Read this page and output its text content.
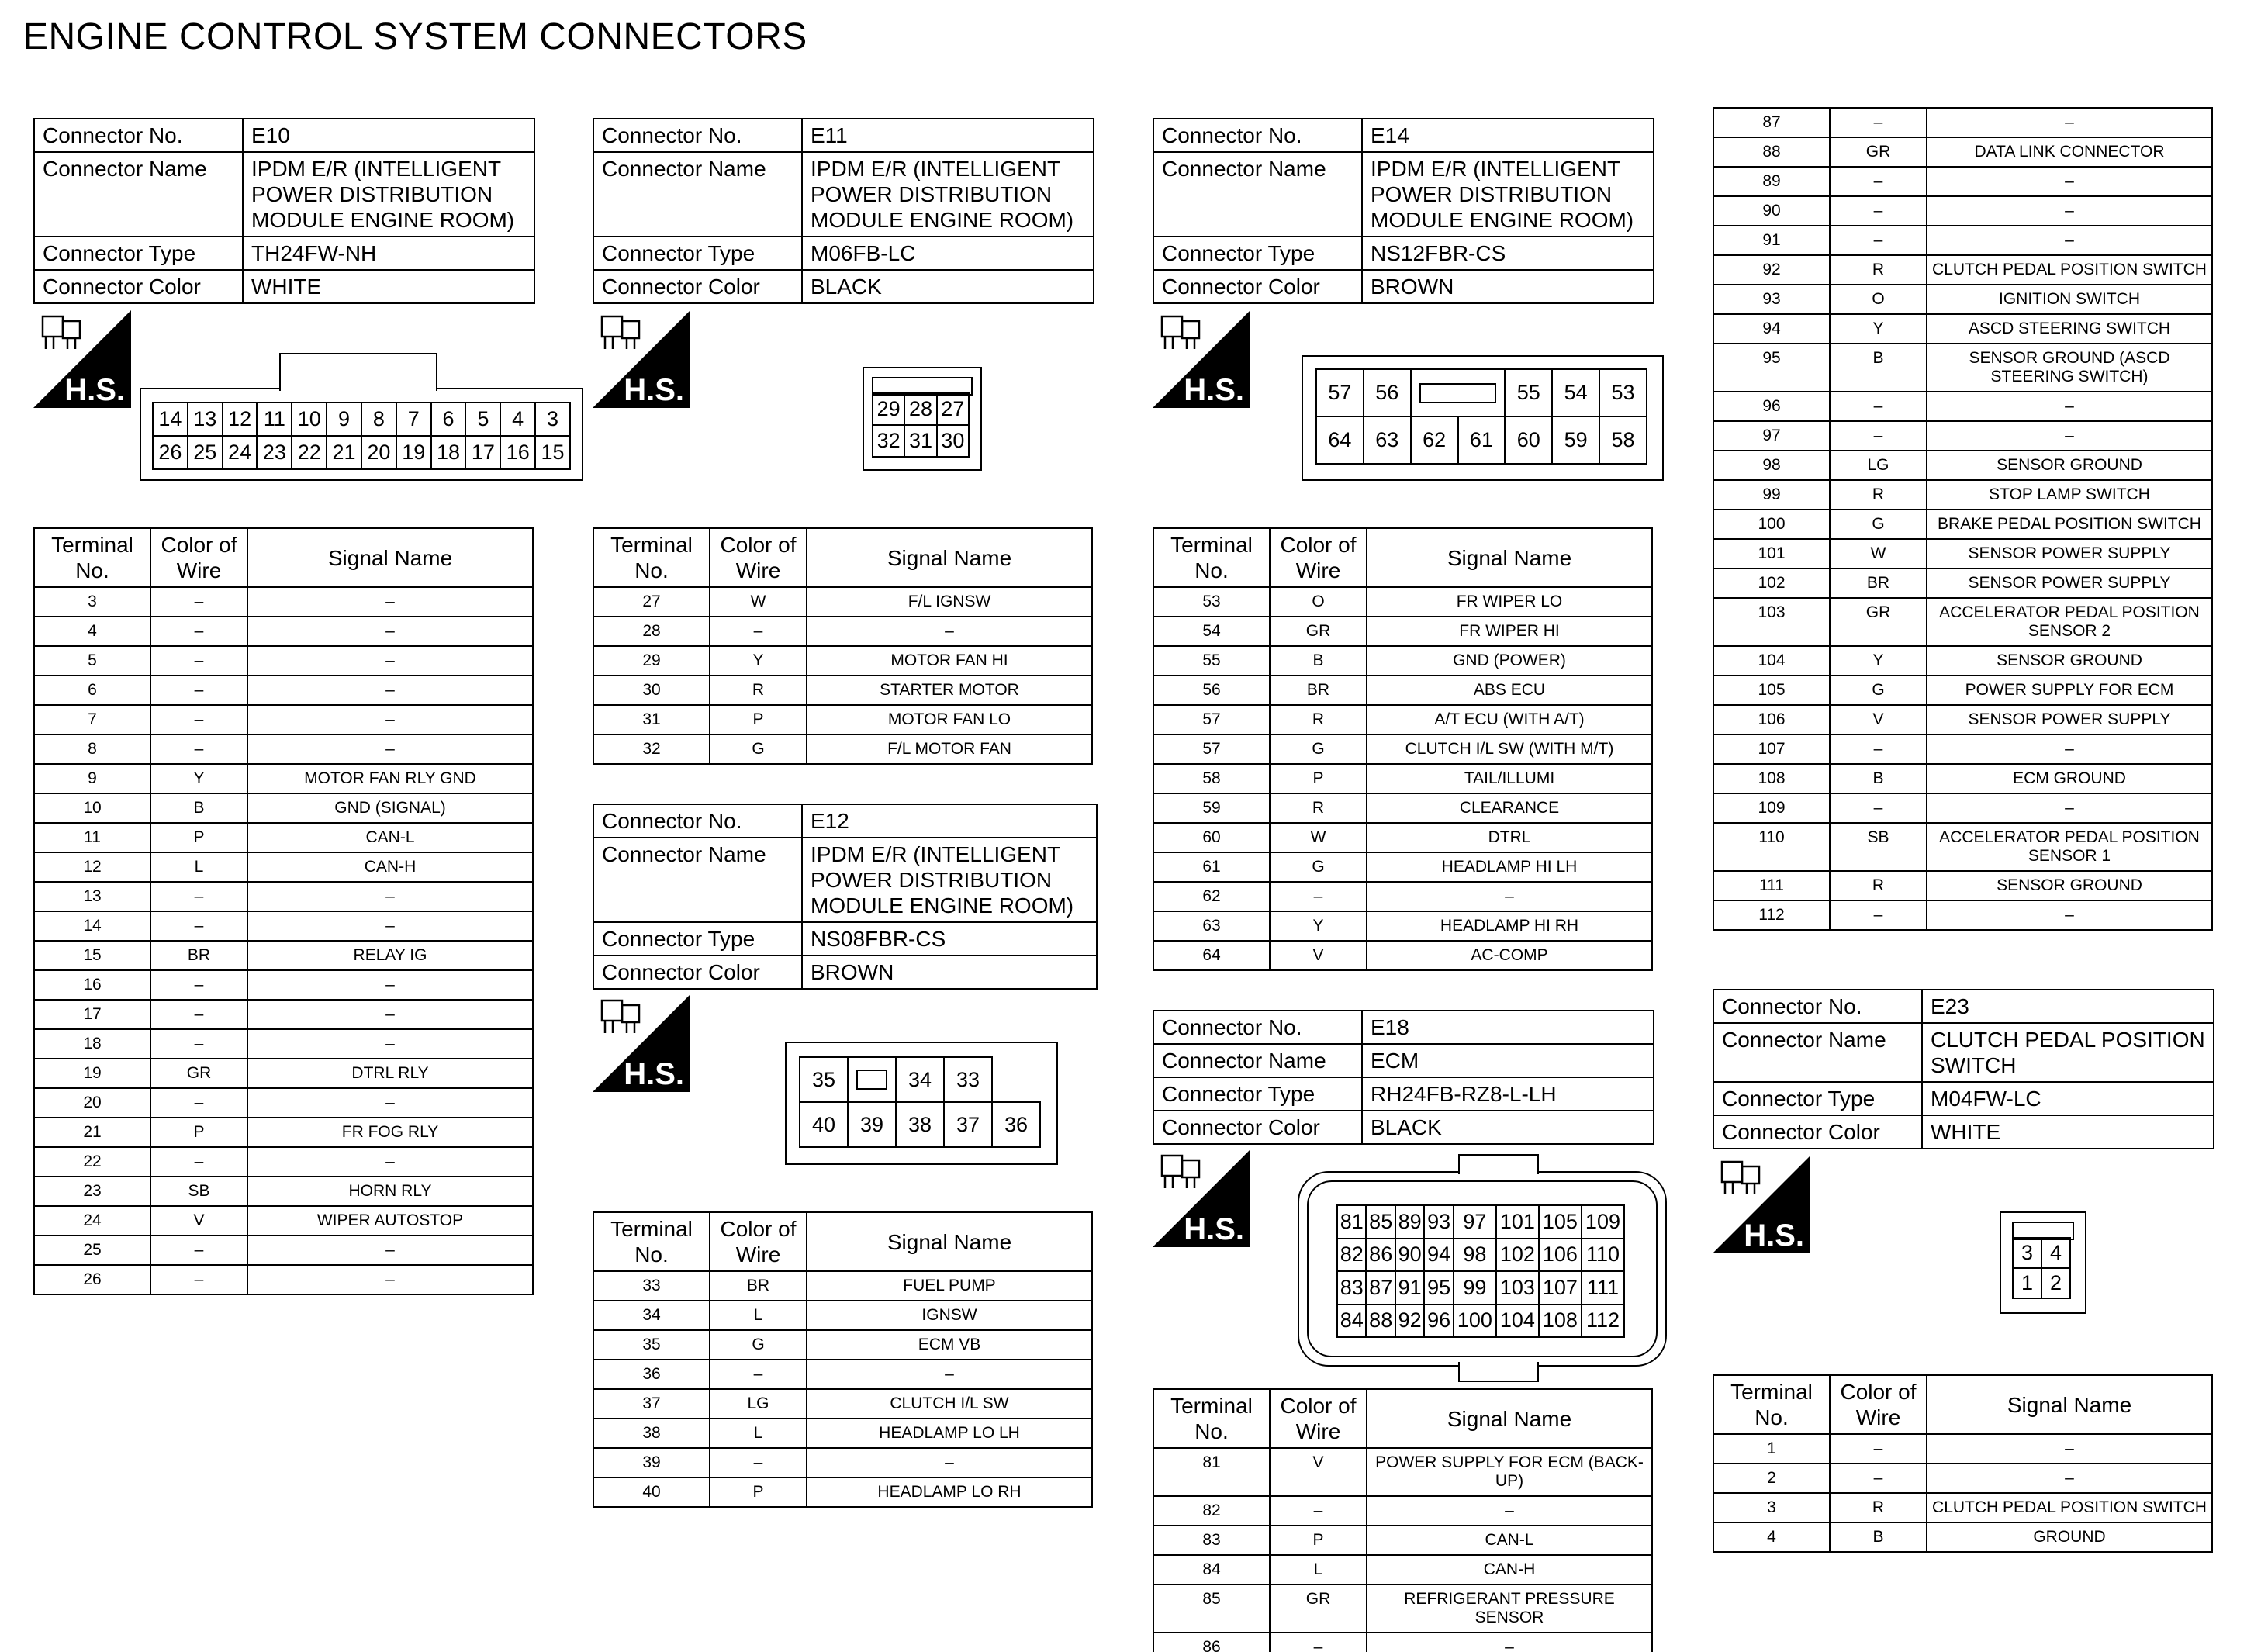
ENGINE CONTROL SYSTEM CONNECTORS
Connector No.	E10
Connector Name	IPDM E/R (INTELLIGENT POWER DISTRIBUTION MODULE ENGINE ROOM)
Connector Type	TH24FW-NH
Connector Color	WHITE
H.S.
14	13	12	11	10	9	8	7	6	5	4	3
26	25	24	23	22	21	20	19	18	17	16	15
Terminal No.	Color of Wire	Signal Name
3	–	–
4	–	–
5	–	–
6	–	–
7	–	–
8	–	–
9	Y	MOTOR FAN RLY GND
10	B	GND (SIGNAL)
11	P	CAN-L
12	L	CAN-H
13	–	–
14	–	–
15	BR	RELAY IG
16	–	–
17	–	–
18	–	–
19	GR	DTRL RLY
20	–	–
21	P	FR FOG RLY
22	–	–
23	SB	HORN RLY
24	V	WIPER AUTOSTOP
25	–	–
26	–	–
Connector No.	E11
Connector Name	IPDM E/R (INTELLIGENT POWER DISTRIBUTION MODULE ENGINE ROOM)
Connector Type	M06FB-LC
Connector Color	BLACK
H.S.
29	28	27
32	31	30
Terminal No.	Color of Wire	Signal Name
27	W	F/L IGNSW
28	–	–
29	Y	MOTOR FAN HI
30	R	STARTER MOTOR
31	P	MOTOR FAN LO
32	G	F/L MOTOR FAN
Connector No.	E12
Connector Name	IPDM E/R (INTELLIGENT POWER DISTRIBUTION MODULE ENGINE ROOM)
Connector Type	NS08FBR-CS
Connector Color	BROWN
H.S.	35		34	33	
40	39	38	37	36
Terminal No.	Color of Wire	Signal Name
33	BR	FUEL PUMP
34	L	IGNSW
35	G	ECM VB
36	–	–
37	LG	CLUTCH I/L SW
38	L	HEADLAMP LO LH
39	–	–
40	P	HEADLAMP LO RH
Connector No.	E14
Connector Name	IPDM E/R (INTELLIGENT POWER DISTRIBUTION MODULE ENGINE ROOM)
Connector Type	NS12FBR-CS
Connector Color	BROWN
H.S.	57	56			55	54	53
64	63	62	61	60	59	58
Terminal No.	Color of Wire	Signal Name
53	O	FR WIPER LO
54	GR	FR WIPER HI
55	B	GND (POWER)
56	BR	ABS ECU
57	R	A/T ECU (WITH A/T)
57	G	CLUTCH I/L SW (WITH M/T)
58	P	TAIL/ILLUMI
59	R	CLEARANCE
60	W	DTRL
61	G	HEADLAMP HI LH
62	–	–
63	Y	HEADLAMP HI RH
64	V	AC-COMP
Connector No.	E18
Connector Name	ECM
Connector Type	RH24FB-RZ8-L-LH
Connector Color	BLACK
H.S.	81	85	89	93	97	101	105	109
82	86	90	94	98	102	106	110
83	87	91	95	99	103	107	111
84	88	92	96	100	104	108	112
Terminal No.	Color of Wire	Signal Name
81	V	POWER SUPPLY FOR ECM (BACK-UP)
82	–	–
83	P	CAN-L
84	L	CAN-H
85	GR	REFRIGERANT PRESSURE SENSOR
86	–	–
87	–	–
88	GR	DATA LINK CONNECTOR
89	–	–
90	–	–
91	–	–
92	R	CLUTCH PEDAL POSITION SWITCH
93	O	IGNITION SWITCH
94	Y	ASCD STEERING SWITCH
95	B	SENSOR GROUND (ASCD STEERING SWITCH)
96	–	–
97	–	–
98	LG	SENSOR GROUND
99	R	STOP LAMP SWITCH
100	G	BRAKE PEDAL POSITION SWITCH
101	W	SENSOR POWER SUPPLY
102	BR	SENSOR POWER SUPPLY
103	GR	ACCELERATOR PEDAL POSITION SENSOR 2
104	Y	SENSOR GROUND
105	G	POWER SUPPLY FOR ECM
106	V	SENSOR POWER SUPPLY
107	–	–
108	B	ECM GROUND
109	–	–
110	SB	ACCELERATOR PEDAL POSITION SENSOR 1
111	R	SENSOR GROUND
112	–	–
Connector No.	E23
Connector Name	CLUTCH PEDAL POSITION SWITCH
Connector Type	M04FW-LC
Connector Color	WHITE
H.S.	3	4
1	2
Terminal No.	Color of Wire	Signal Name
1	–	–
2	–	–
3	R	CLUTCH PEDAL POSITION SWITCH
4	B	GROUND
